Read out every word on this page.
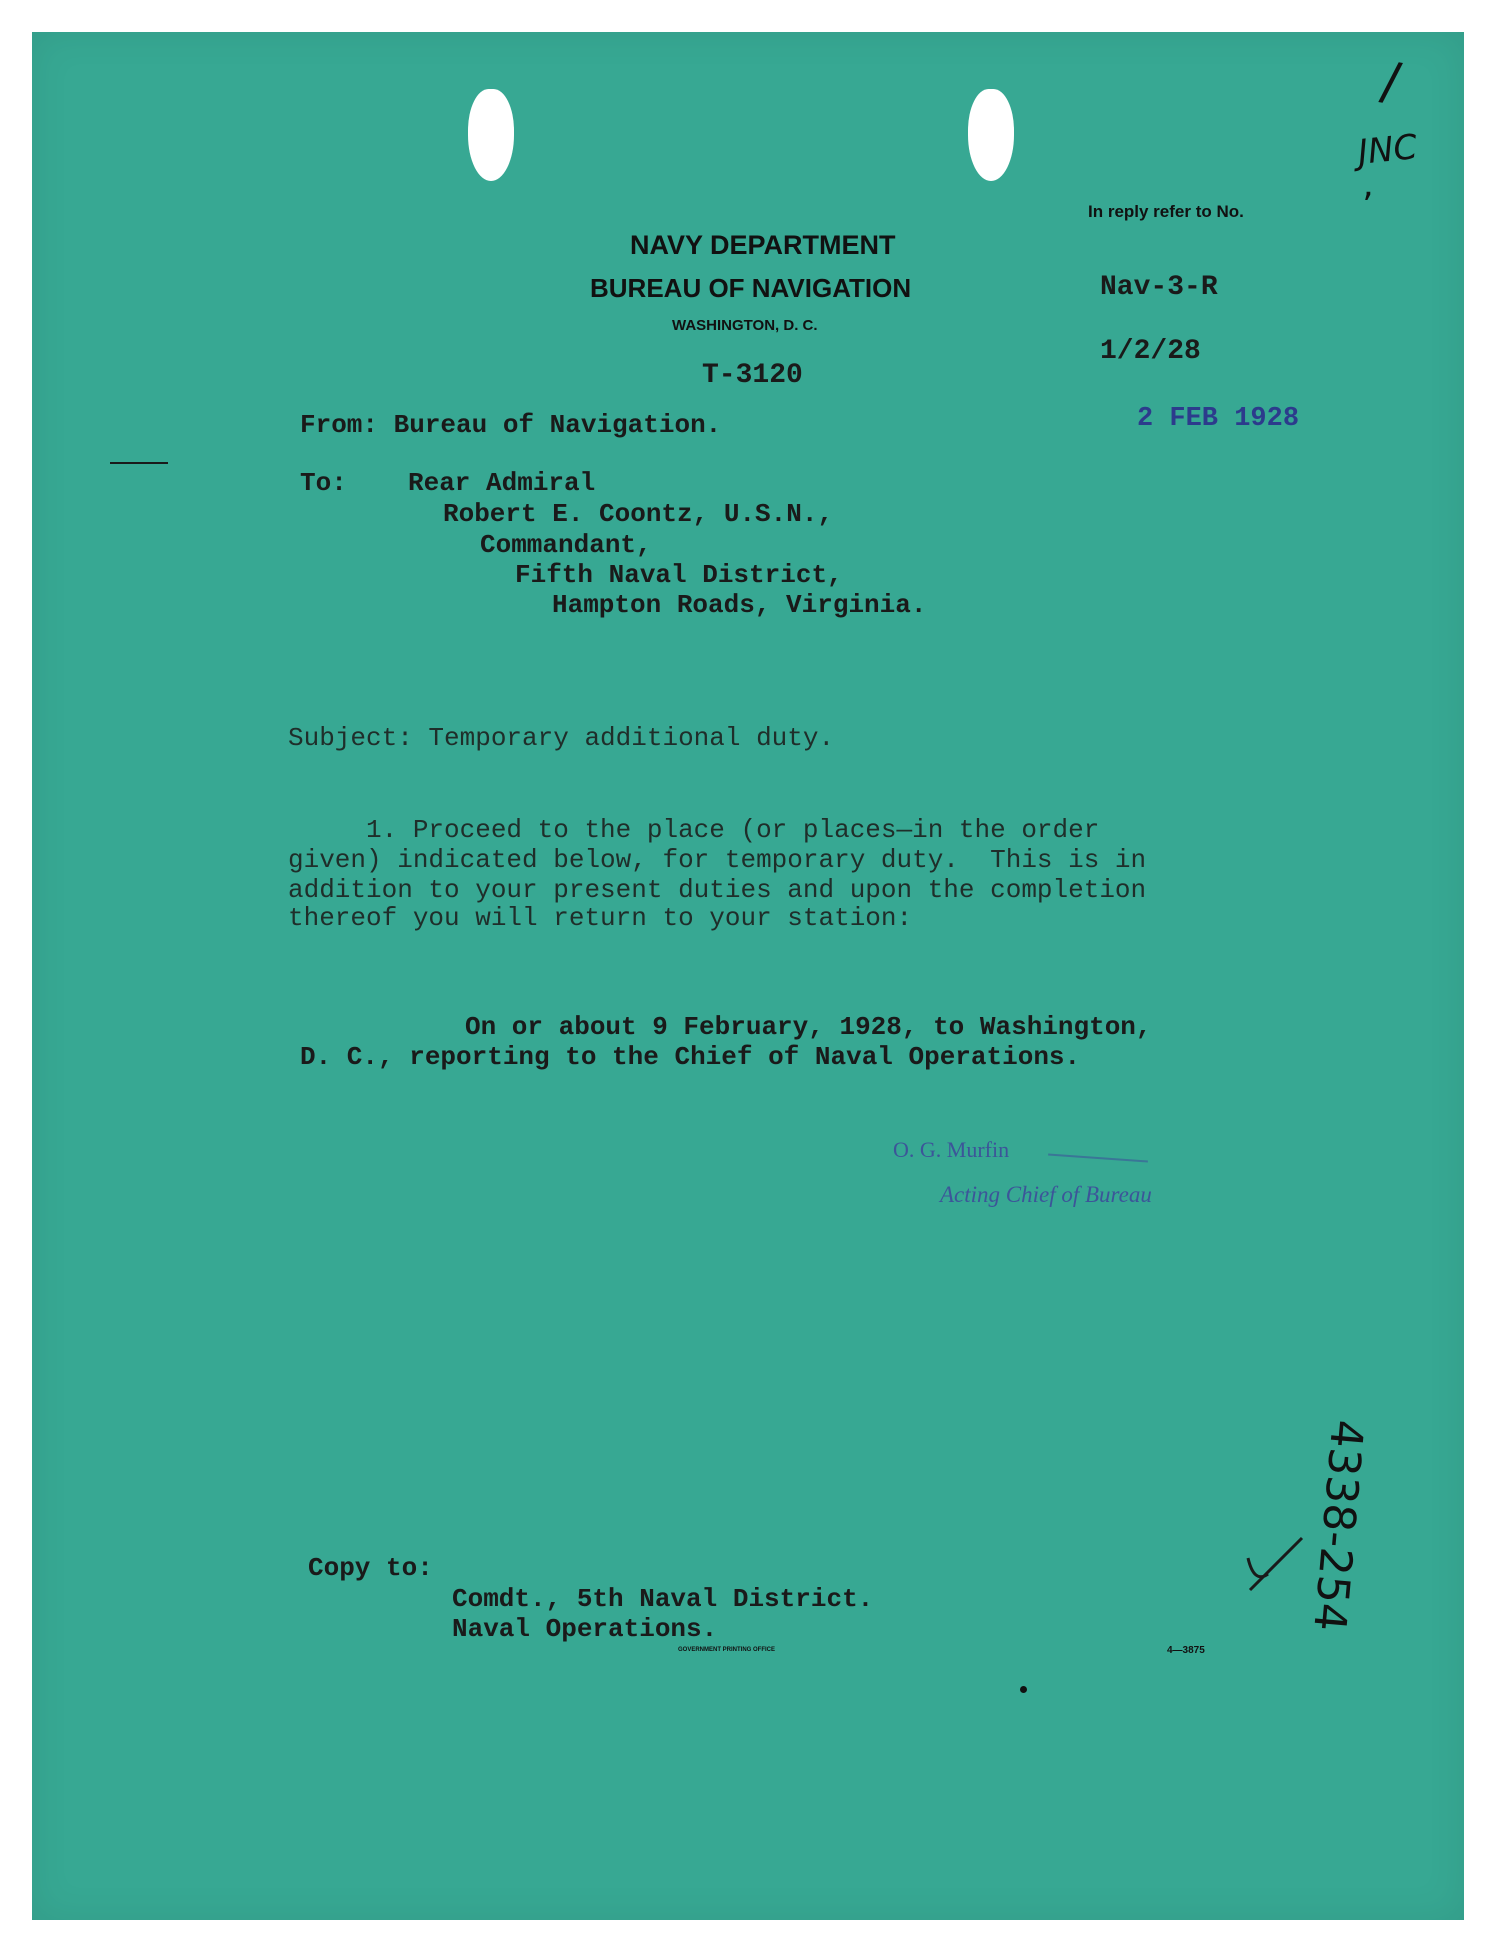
NAVY DEPARTMENT
BUREAU OF NAVIGATION
WASHINGTON, D. C.
In reply refer to No.
Nav-3-R
1/2/28
2 FEB 1928
T-3120
From: Bureau of Navigation.
To: Rear Admiral
Robert E. Coontz, U.S.N.,
Commandant,
Fifth Naval District,
Hampton Roads, Virginia.
Subject: Temporary additional duty.
1. Proceed to the place (or places—in the order
given) indicated below, for temporary duty.  This is in
addition to your present duties and upon the completion
thereof you will return to your station:
On or about 9 February, 1928, to Washington,
D. C., reporting to the Chief of Naval Operations.
O. G. Murfin
Acting Chief of Bureau
Copy to:
Comdt., 5th Naval District.
Naval Operations.
GOVERNMENT PRINTING OFFICE	4—3875
/
JNC
’
4338-254
